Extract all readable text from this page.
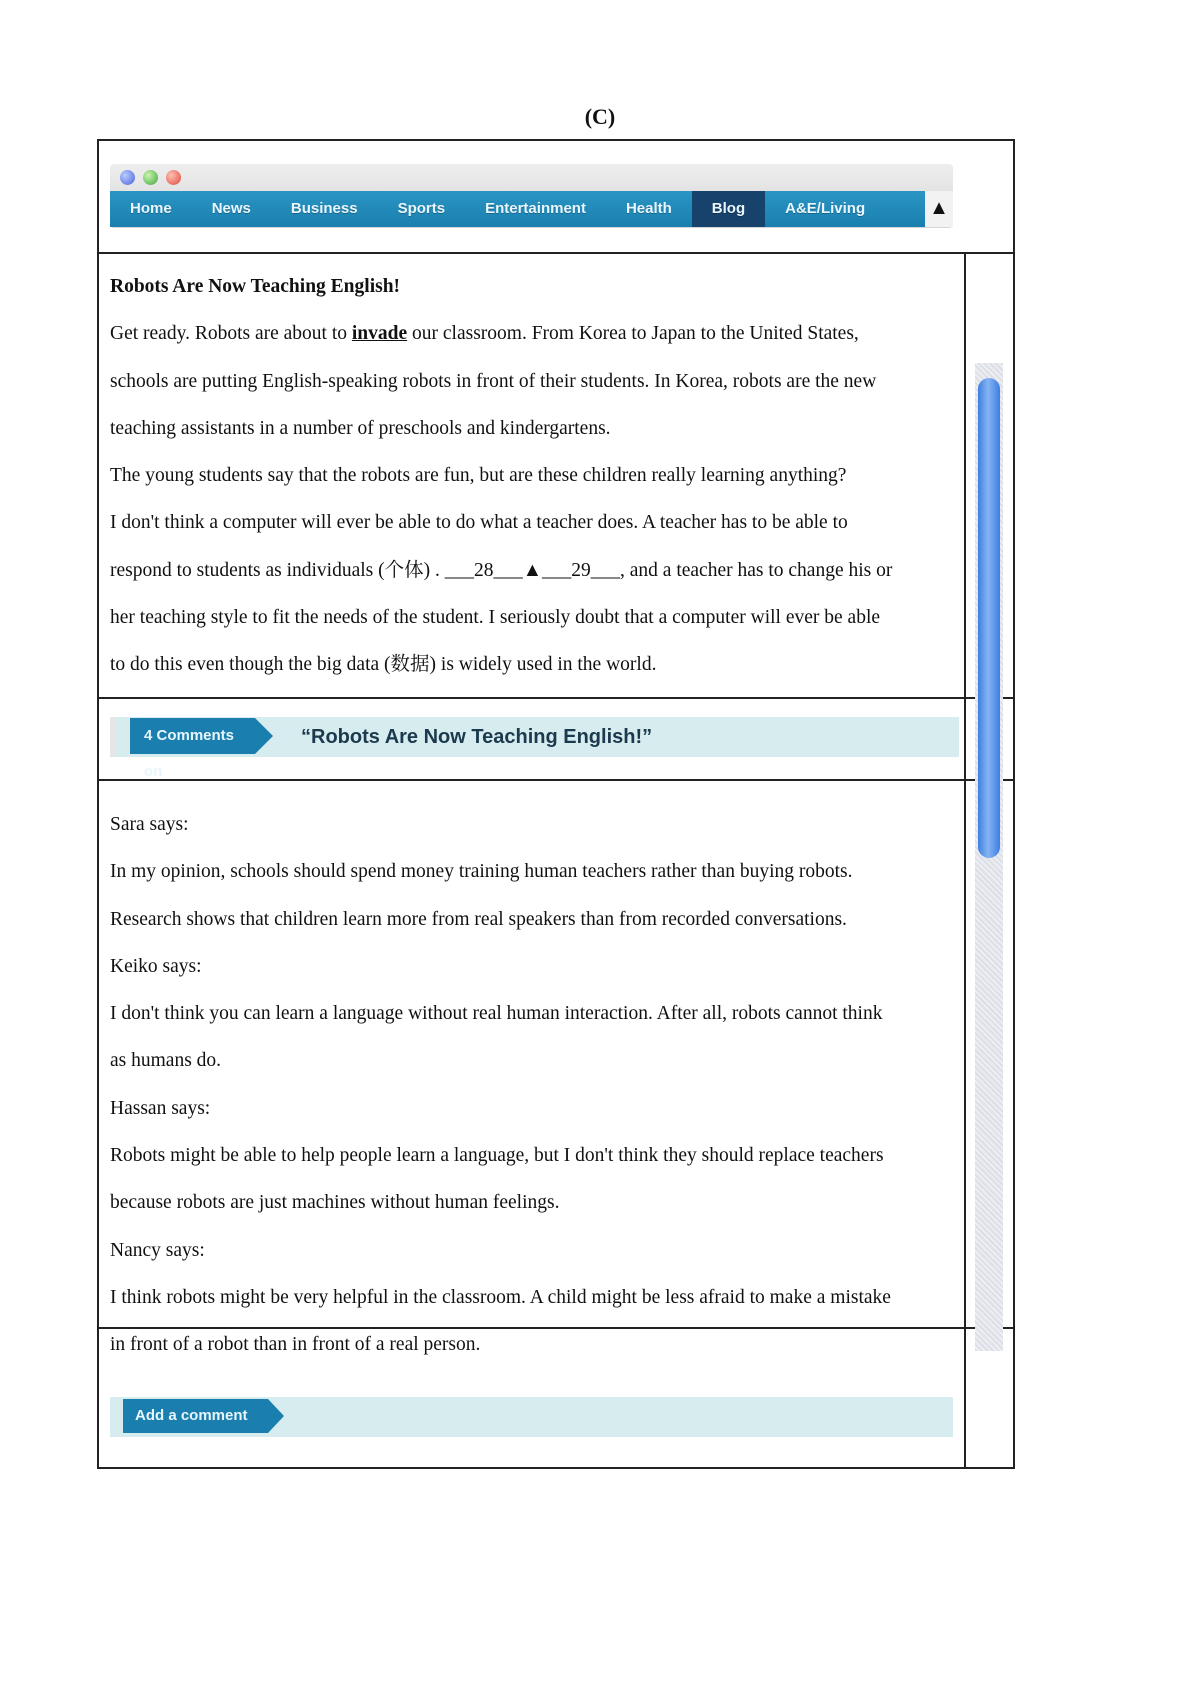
(C)
Home	News	Business	Sports	Entertainment	Health	Blog	A&E/Living	▲

Robots Are Now Teaching English!

Get ready. Robots are about to invade our classroom. From Korea to Japan to the United States,

schools are putting English-speaking robots in front of their students. In Korea, robots are the new

teaching assistants in a number of preschools and kindergartens.

The young students say that the robots are fun, but are these children really learning anything?

I don't think a computer will ever be able to do what a teacher does. A teacher has to be able to

respond to students as individuals (个体) . ___28___▲___29___, and a teacher has to change his or

her teaching style to fit the needs of the student. I seriously doubt that a computer will ever be able

to do this even though the big data (数据) is widely used in the world.

4 Comments on
“Robots Are Now Teaching English!”

Sara says:

In my opinion, schools should spend money training human teachers rather than buying robots.

Research shows that children learn more from real speakers than from recorded conversations.

Keiko says:

I don't think you can learn a language without real human interaction. After all, robots cannot think

as humans do.

Hassan says:

Robots might be able to help people learn a language, but I don't think they should replace teachers

because robots are just machines without human feelings.

Nancy says:

I think robots might be very helpful in the classroom. A child might be less afraid to make a mistake

in front of a robot than in front of a real person.

Add a comment
